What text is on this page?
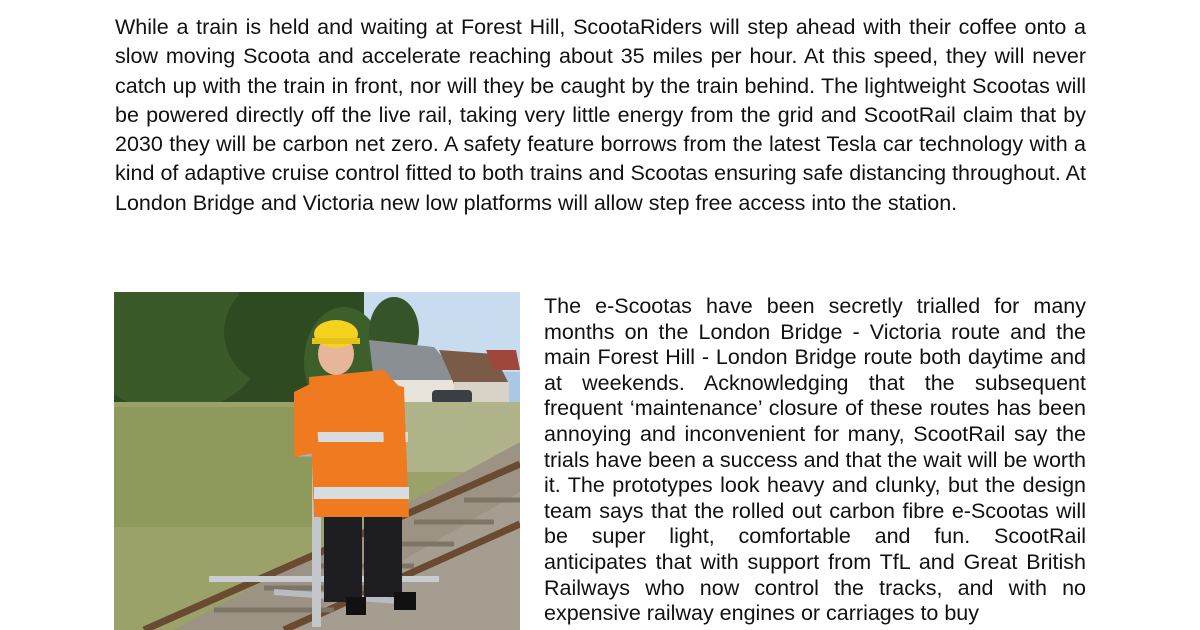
While a train is held and waiting at Forest Hill, ScootaRiders will step ahead with their coffee onto a slow moving Scoota and accelerate reaching about 35 miles per hour. At this speed, they will never catch up with the train in front, nor will they be caught by the train behind. The lightweight Scootas will be powered directly off the live rail, taking very little energy from the grid and ScootRail claim that by 2030 they will be carbon net zero. A safety feature borrows from the latest Tesla car technology with a kind of adaptive cruise control fitted to both trains and Scootas ensuring safe distancing throughout. At London Bridge and Victoria new low platforms will allow step free access into the station.

The e-Scootas have been secretly trialled for many months on the London Bridge - Victoria route and the main Forest Hill - London Bridge route both daytime and at weekends. Acknowledging that the subsequent frequent ‘maintenance’ closure of these routes has been annoying and inconvenient for many, ScootRail say the trials have been a success and that the wait will be worth it. The prototypes look heavy and clunky, but the design team says that the rolled out carbon fibre e-Scootas will be super light, comfortable and fun. ScootRail anticipates that with support from TfL and Great British Railways who now control the tracks, and with no expensive railway engines or carriages to buy
